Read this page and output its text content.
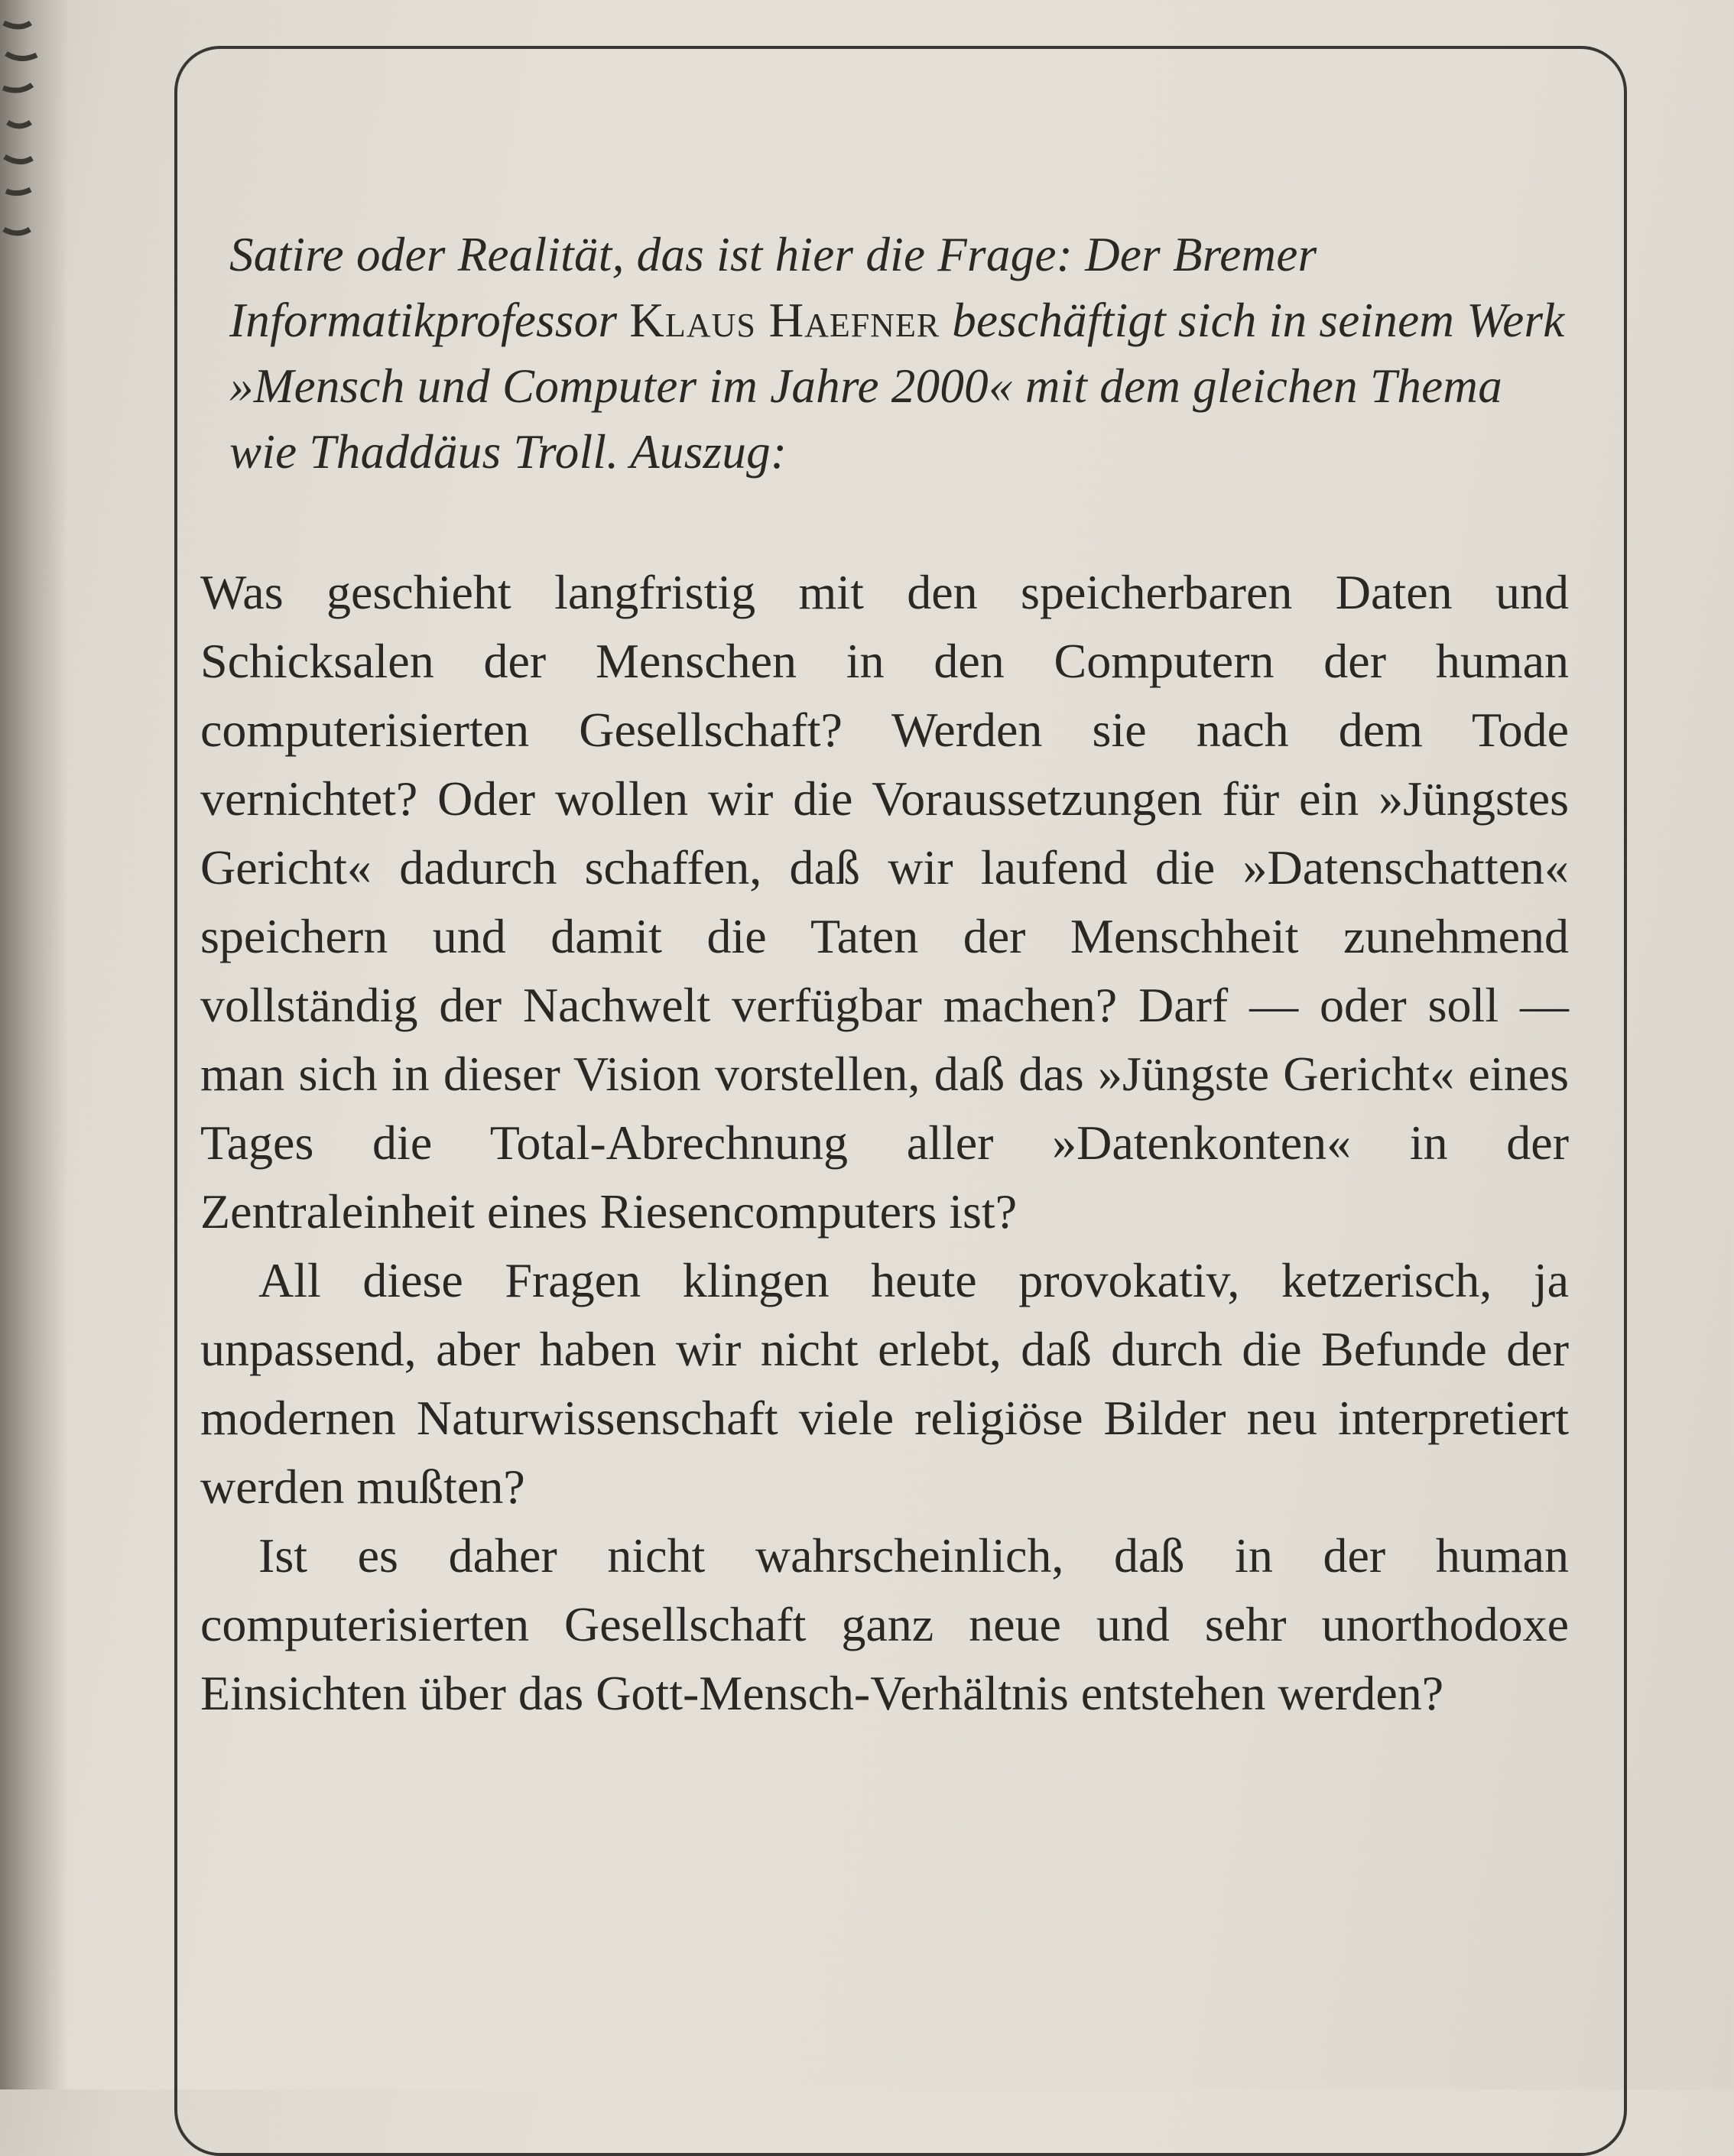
Satire oder Realität, das ist hier die Frage: Der Bremer Informatikprofessor Klaus Haefner beschäftigt sich in seinem Werk »Mensch und Computer im Jahre 2000« mit dem gleichen Thema wie Thaddäus Troll. Auszug:

Was geschieht langfristig mit den speicherbaren Daten und Schicksalen der Menschen in den Computern der human computerisierten Gesellschaft? Werden sie nach dem Tode vernichtet? Oder wollen wir die Voraussetzungen für ein »Jüngstes Gericht« dadurch schaffen, daß wir laufend die »Datenschatten« speichern und damit die Taten der Menschheit zunehmend vollständig der Nachwelt verfügbar machen? Darf — oder soll — man sich in dieser Vision vorstellen, daß das »Jüngste Gericht« eines Tages die Total-Abrechnung aller »Datenkonten« in der Zentraleinheit eines Riesencomputers ist?

All diese Fragen klingen heute provokativ, ketzerisch, ja unpassend, aber haben wir nicht erlebt, daß durch die Befunde der modernen Naturwissenschaft viele religiöse Bilder neu interpretiert werden mußten?

Ist es daher nicht wahrscheinlich, daß in der human computerisierten Gesellschaft ganz neue und sehr unorthodoxe Einsichten über das Gott-Mensch-Verhältnis entstehen werden?
